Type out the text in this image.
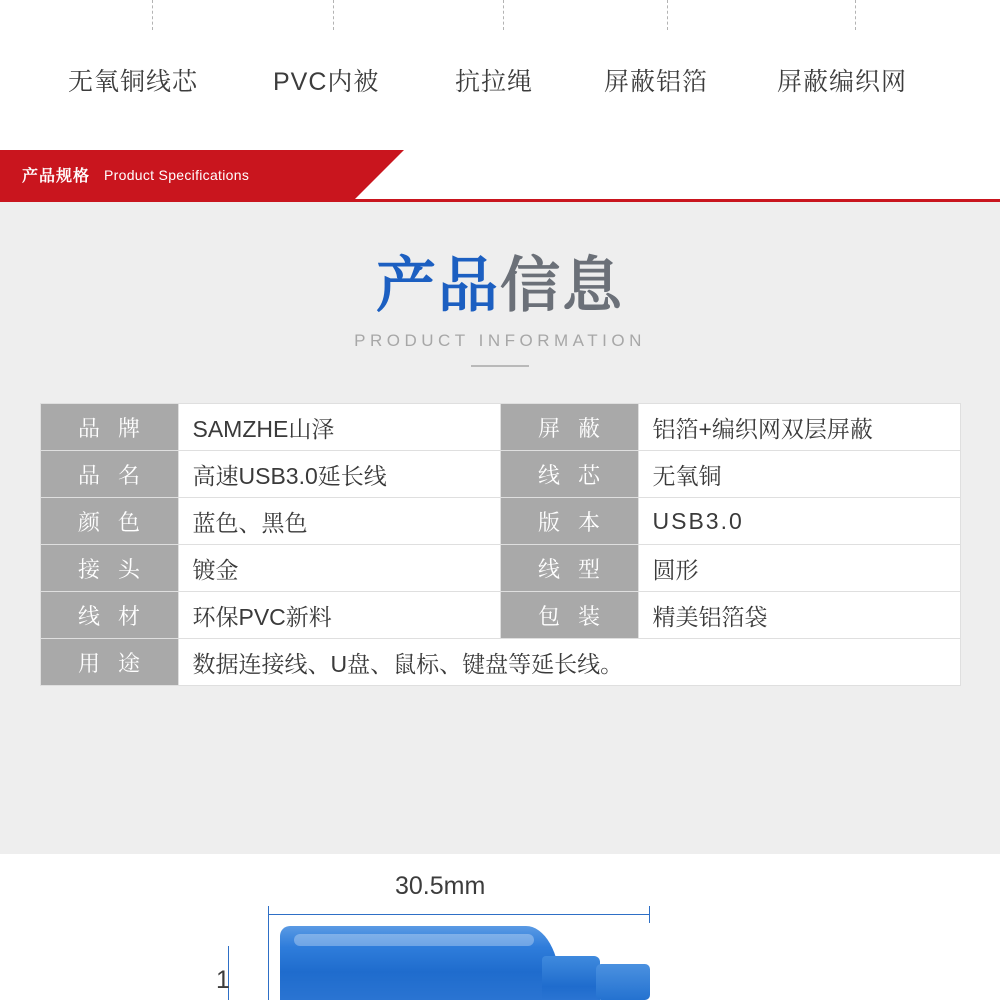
无氧铜线芯	PVC内被	抗拉绳	屏蔽铝箔	屏蔽编织网
产品规格 Product Specifications
产品信息
PRODUCT INFORMATION
品 牌	SAMZHE山泽	屏 蔽	铝箔+编织网双层屏蔽
品 名	高速USB3.0延长线	线 芯	无氧铜
颜 色	蓝色、黑色	版 本	USB3.0
接 头	镀金	线 型	圆形
线 材	环保PVC新料	包 装	精美铝箔袋
用 途	数据连接线、U盘、鼠标、键盘等延长线。		
30.5mm
1
